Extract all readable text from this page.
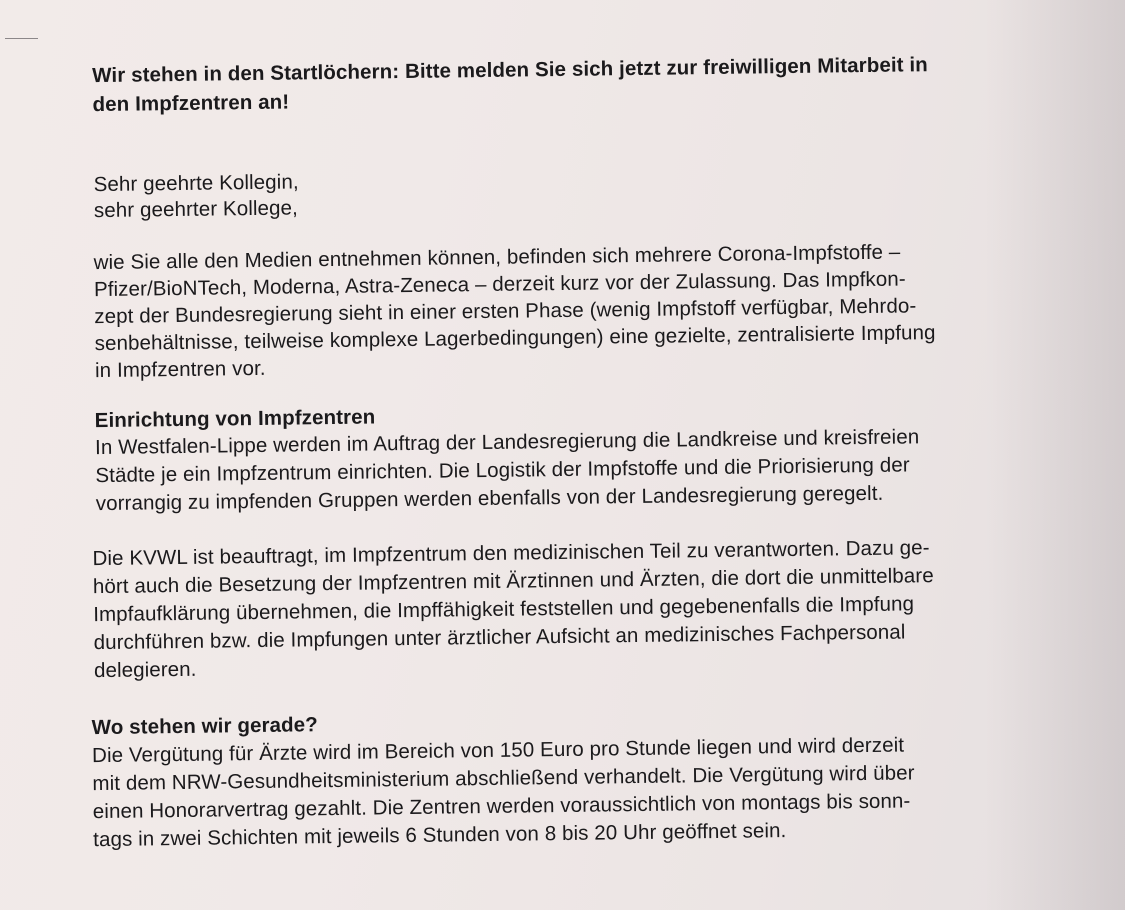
Wir stehen in den Startlöchern: Bitte melden Sie sich jetzt zur freiwilligen Mitarbeit in

den Impfzentren an!

Sehr geehrte Kollegin,

sehr geehrter Kollege,

wie Sie alle den Medien entnehmen können, befinden sich mehrere Corona-Impfstoffe –

Pfizer/BioNTech, Moderna, Astra-Zeneca – derzeit kurz vor der Zulassung. Das Impfkon-

zept der Bundesregierung sieht in einer ersten Phase (wenig Impfstoff verfügbar, Mehrdo-

senbehältnisse, teilweise komplexe Lagerbedingungen) eine gezielte, zentralisierte Impfung

in Impfzentren vor.

Einrichtung von Impfzentren

In Westfalen-Lippe werden im Auftrag der Landesregierung die Landkreise und kreisfreien

Städte je ein Impfzentrum einrichten. Die Logistik der Impfstoffe und die Priorisierung der

vorrangig zu impfenden Gruppen werden ebenfalls von der Landesregierung geregelt.

Die KVWL ist beauftragt, im Impfzentrum den medizinischen Teil zu verantworten. Dazu ge-

hört auch die Besetzung der Impfzentren mit Ärztinnen und Ärzten, die dort die unmittelbare

Impfaufklärung übernehmen, die Impffähigkeit feststellen und gegebenenfalls die Impfung

durchführen bzw. die Impfungen unter ärztlicher Aufsicht an medizinisches Fachpersonal

delegieren.

Wo stehen wir gerade?

Die Vergütung für Ärzte wird im Bereich von 150 Euro pro Stunde liegen und wird derzeit

mit dem NRW-Gesundheitsministerium abschließend verhandelt. Die Vergütung wird über

einen Honorarvertrag gezahlt. Die Zentren werden voraussichtlich von montags bis sonn-

tags in zwei Schichten mit jeweils 6 Stunden von 8 bis 20 Uhr geöffnet sein.
